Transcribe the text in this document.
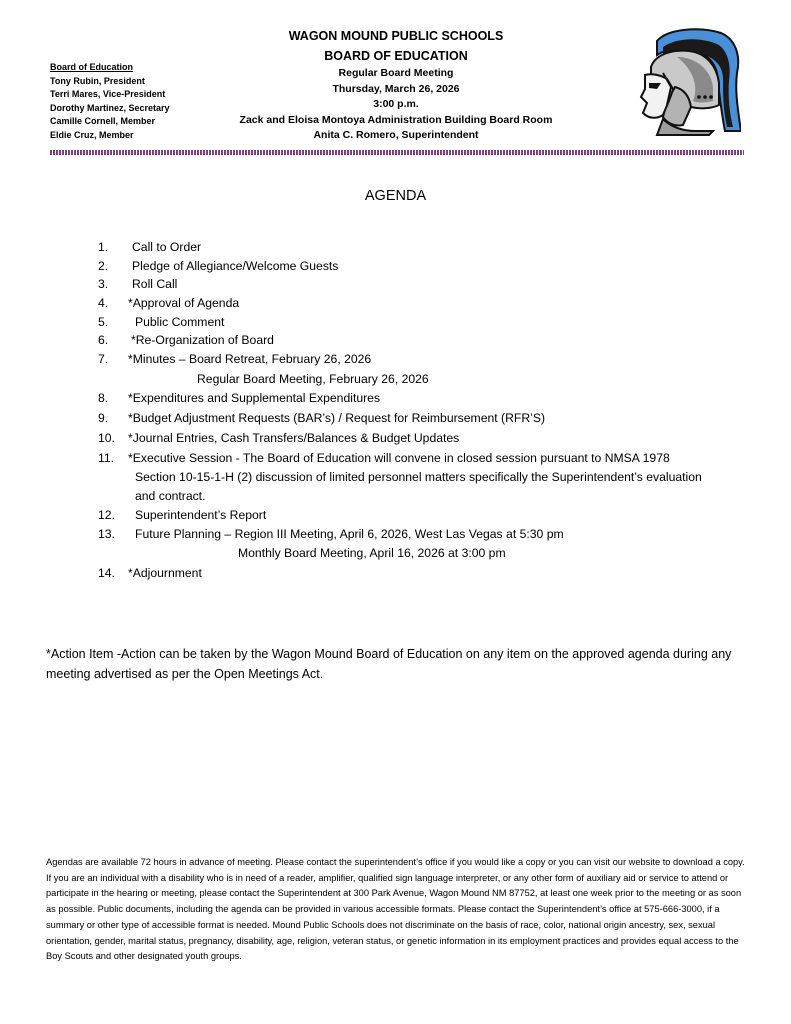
Board of Education
Tony Rubin, President
Terri Mares, Vice-President
Dorothy Martinez, Secretary
Camille Cornell, Member
Eldie Cruz, Member
WAGON MOUND PUBLIC SCHOOLS
BOARD OF EDUCATION
Regular Board Meeting
Thursday, March 26, 2026
3:00 p.m.
Zack and Eloisa Montoya Administration Building Board Room
Anita C. Romero, Superintendent
AGENDA
1. Call to Order
2. Pledge of Allegiance/Welcome Guests
3. Roll Call
4. *Approval of Agenda
5. Public Comment
6. *Re-Organization of Board
7. *Minutes – Board Retreat, February 26, 2026
Regular Board Meeting, February 26, 2026
8. *Expenditures and Supplemental Expenditures
9. *Budget Adjustment Requests (BAR’s) / Request for Reimbursement (RFR’S)
10. *Journal Entries, Cash Transfers/Balances & Budget Updates
11. *Executive Session - The Board of Education will convene in closed session pursuant to NMSA 1978
Section 10-15-1-H (2) discussion of limited personnel matters specifically the Superintendent’s evaluation
and contract.
12. Superintendent’s Report
13. Future Planning – Region III Meeting, April 6, 2026, West Las Vegas at 5:30 pm
Monthly Board Meeting, April 16, 2026 at 3:00 pm
14. *Adjournment
*Action Item -Action can be taken by the Wagon Mound Board of Education on any item on the approved agenda during any meeting advertised as per the Open Meetings Act.
Agendas are available 72 hours in advance of meeting. Please contact the superintendent’s office if you would like a copy or you can visit our website to download a copy. If you are an individual with a disability who is in need of a reader, amplifier, qualified sign language interpreter, or any other form of auxiliary aid or service to attend or participate in the hearing or meeting, please contact the Superintendent at 300 Park Avenue, Wagon Mound NM 87752, at least one week prior to the meeting or as soon as possible. Public documents, including the agenda can be provided in various accessible formats. Please contact the Superintendent’s office at 575-666-3000, if a summary or other type of accessible format is needed. Mound Public Schools does not discriminate on the basis of race, color, national origin ancestry, sex, sexual orientation, gender, marital status, pregnancy, disability, age, religion, veteran status, or genetic information in its employment practices and provides equal access to the Boy Scouts and other designated youth groups.
